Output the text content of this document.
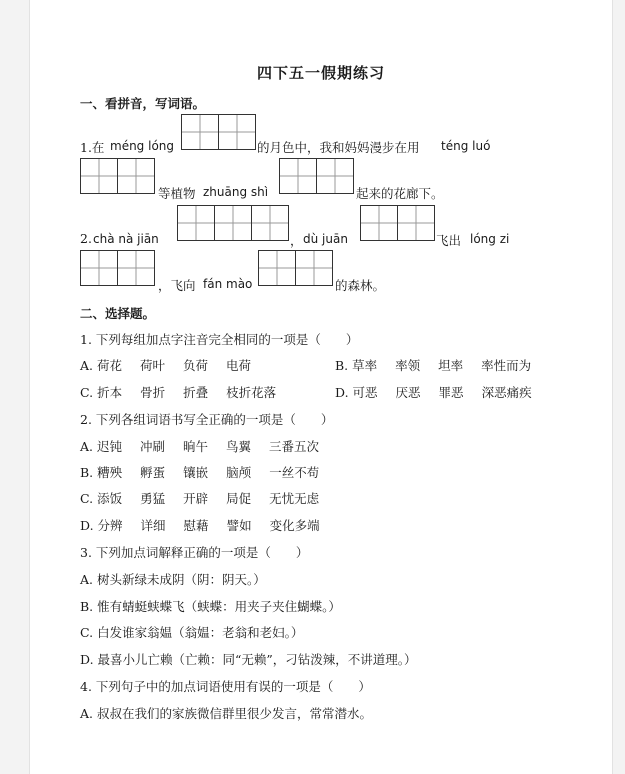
四下五一假期练习
一、看拼音，写词语。
1.在 méng lóng	的月色中，我和妈妈漫步在用 téng luó
等植物 zhuāng shì	起来的花廊下。
2. chà nà jiān	， dù juān	飞出 lóng zi
，飞向 fán mào	的森林。
二、选择题。
1. 下列每组加点字注音完全相同的一项是（　　）
A. 荷花 荷叶 负荷 电荷	B. 草率 率领 坦率 率性而为
C. 折本 骨折 折叠 枝折花落	D. 可恶 厌恶 罪恶 深恶痛疾
2. 下列各组词语书写全正确的一项是（　　）
A. 迟钝 冲刷 晌午 鸟翼 三番五次
B. 糟殃 孵蛋 镶嵌 脑颅 一丝不苟
C. 添饭 勇猛 开辟 局促 无忧无虑
D. 分辨 详细 慰藉 譬如 变化多端
3. 下列加点词解释正确的一项是（　　）
A. 树头新绿未成阴（阴：阴天。）
B. 惟有蜻蜓蛱蝶飞（蛱蝶：用夹子夹住蝴蝶。）
C. 白发谁家翁媪（翁媪：老翁和老妇。）
D. 最喜小儿亡赖（亡赖：同“无赖”，刁钻泼辣，不讲道理。）
4. 下列句子中的加点词语使用有误的一项是（　　）
A. 叔叔在我们的家族微信群里很少发言，常常潜水。
